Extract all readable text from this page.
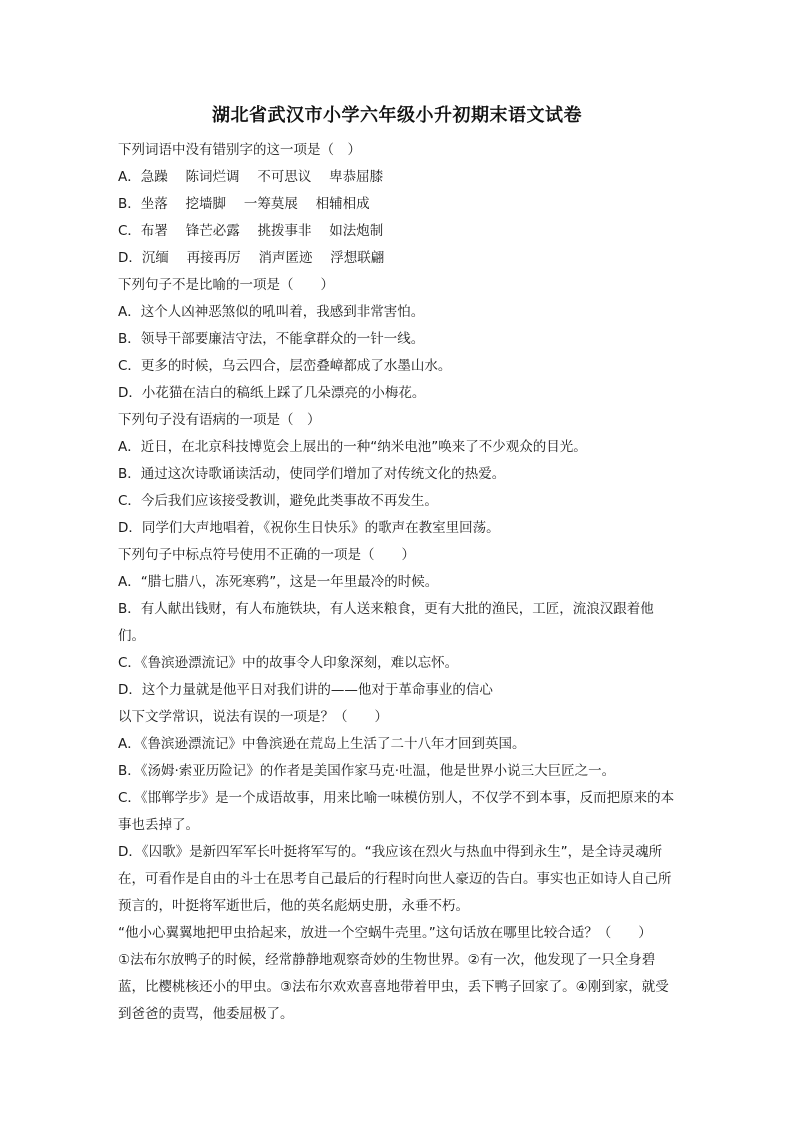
湖北省武汉市小学六年级小升初期末语文试卷
下列词语中没有错别字的这一项是（　）
A．急躁　 陈词烂调　 不可思议　 卑恭屈膝
B．坐落　 挖墙脚　 一筹莫展　 相辅相成
C．布署　 锋芒必露　 挑拨事非　 如法炮制
D．沉缅　 再接再厉　 消声匿迹　 浮想联翩
下列句子不是比喻的一项是（　　）
A．这个人凶神恶煞似的吼叫着，我感到非常害怕。
B．领导干部要廉洁守法，不能拿群众的一针一线。
C．更多的时候，乌云四合，层峦叠嶂都成了水墨山水。
D．小花猫在洁白的稿纸上踩了几朵漂亮的小梅花。
下列句子没有语病的一项是（　）
A．近日，在北京科技博览会上展出的一种“纳米电池”唤来了不少观众的目光。
B．通过这次诗歌诵读活动，使同学们增加了对传统文化的热爱。
C．今后我们应该接受教训，避免此类事故不再发生。
D．同学们大声地唱着，《祝你生日快乐》的歌声在教室里回荡。
下列句子中标点符号使用不正确的一项是（　　）
A．“腊七腊八，冻死寒鸦”，这是一年里最冷的时候。
B．有人献出钱财，有人布施铁块，有人送来粮食，更有大批的渔民，工匠，流浪汉跟着他们。
C．《鲁滨逊漂流记》中的故事令人印象深刻，难以忘怀。
D．这个力量就是他平日对我们讲的——他对于革命事业的信心
以下文学常识，说法有误的一项是？（　　）
A．《鲁滨逊漂流记》中鲁滨逊在荒岛上生活了二十八年才回到英国。
B．《汤姆·索亚历险记》的作者是美国作家马克·吐温，他是世界小说三大巨匠之一。
C．《邯郸学步》是一个成语故事，用来比喻一味模仿别人，不仅学不到本事，反而把原来的本事也丢掉了。
D．《囚歌》是新四军军长叶挺将军写的。“我应该在烈火与热血中得到永生”，是全诗灵魂所在，可看作是自由的斗士在思考自己最后的行程时向世人豪迈的告白。事实也正如诗人自己所预言的，叶挺将军逝世后，他的英名彪炳史册，永垂不朽。
“他小心翼翼地把甲虫拾起来，放进一个空蜗牛壳里。”这句话放在哪里比较合适？（　　）
①法布尔放鸭子的时候，经常静静地观察奇妙的生物世界。②有一次，他发现了一只全身碧蓝，比樱桃核还小的甲虫。③法布尔欢欢喜喜地带着甲虫，丢下鸭子回家了。④刚到家，就受到爸爸的责骂，他委屈极了。
